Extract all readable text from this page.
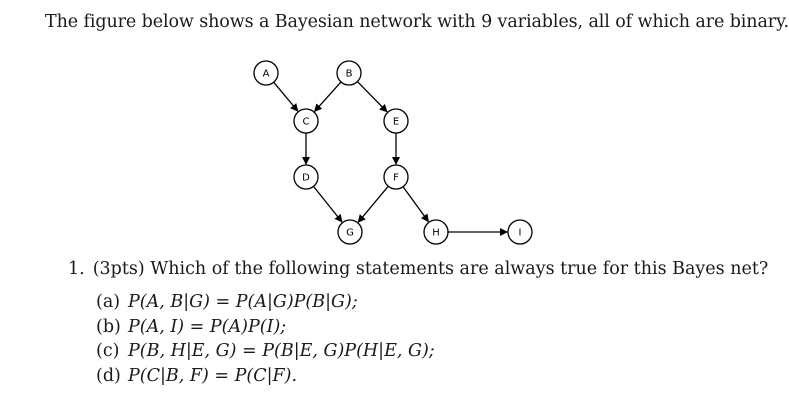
The figure below shows a Bayesian network with 9 variables, all of which are binary.
A	B
C
D
E
F
G	H	I
1. (3pts) Which of the following statements are always true for this Bayes net?
(a) P(A, B|G) = P(A|G)P(B|G);
(b) P(A, I) = P(A)P(I);
(c) P(B, H|E, G) = P(B|E, G)P(H|E, G);
(d) P(C|B, F) = P(C|F).
